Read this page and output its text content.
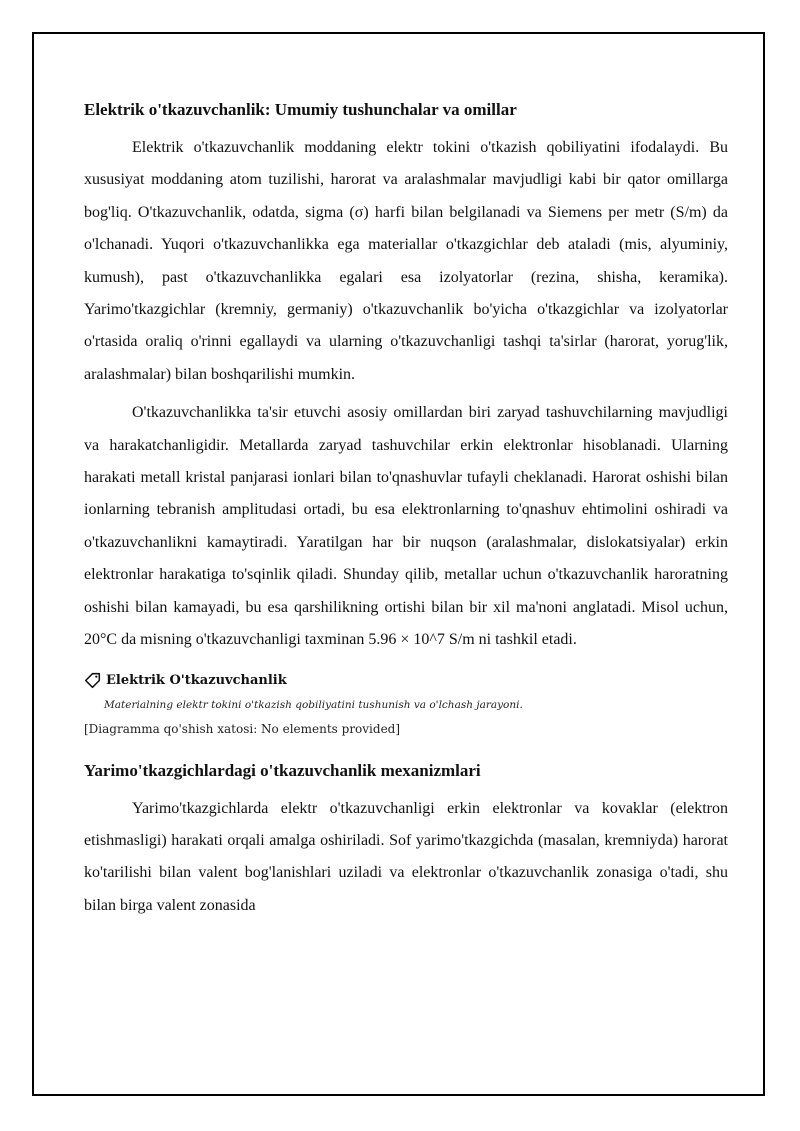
Elektrik o'tkazuvchanlik: Umumiy tushunchalar va omillar

Elektrik o'tkazuvchanlik moddaning elektr tokini o'tkazish qobiliyatini ifodalaydi. Bu xususiyat moddaning atom tuzilishi, harorat va aralashmalar mavjudligi kabi bir qator omillarga bog'liq. O'tkazuvchanlik, odatda, sigma (σ) harfi bilan belgilanadi va Siemens per metr (S/m) da o'lchanadi. Yuqori o'tkazuvchanlikka ega materiallar o'tkazgichlar deb ataladi (mis, alyuminiy, kumush), past o'tkazuvchanlikka egalari esa izolyatorlar (rezina, shisha, keramika). Yarimo'tkazgichlar (kremniy, germaniy) o'tkazuvchanlik bo'yicha o'tkazgichlar va izolyatorlar o'rtasida oraliq o'rinni egallaydi va ularning o'tkazuvchanligi tashqi ta'sirlar (harorat, yorug'lik, aralashmalar) bilan boshqarilishi mumkin.

O'tkazuvchanlikka ta'sir etuvchi asosiy omillardan biri zaryad tashuvchilarning mavjudligi va harakatchanligidir. Metallarda zaryad tashuvchilar erkin elektronlar hisoblanadi. Ularning harakati metall kristal panjarasi ionlari bilan to'qnashuvlar tufayli cheklanadi. Harorat oshishi bilan ionlarning tebranish amplitudasi ortadi, bu esa elektronlarning to'qnashuv ehtimolini oshiradi va o'tkazuvchanlikni kamaytiradi. Yaratilgan har bir nuqson (aralashmalar, dislokatsiyalar) erkin elektronlar harakatiga to'sqinlik qiladi. Shunday qilib, metallar uchun o'tkazuvchanlik haroratning oshishi bilan kamayadi, bu esa qarshilikning ortishi bilan bir xil ma'noni anglatadi. Misol uchun, 20°C da misning o'tkazuvchanligi taxminan 5.96 × 10^7 S/m ni tashkil etadi.

Elektrik O'tkazuvchanlik
Materialning elektr tokini o'tkazish qobiliyatini tushunish va o'lchash jarayoni.
[Diagramma qo'shish xatosi: No elements provided]
Yarimo'tkazgichlardagi o'tkazuvchanlik mexanizmlari

Yarimo'tkazgichlarda elektr o'tkazuvchanligi erkin elektronlar va kovaklar (elektron etishmasligi) harakati orqali amalga oshiriladi. Sof yarimo'tkazgichda (masalan, kremniyda) harorat ko'tarilishi bilan valent bog'lanishlari uziladi va elektronlar o'tkazuvchanlik zonasiga o'tadi, shu bilan birga valent zonasida
